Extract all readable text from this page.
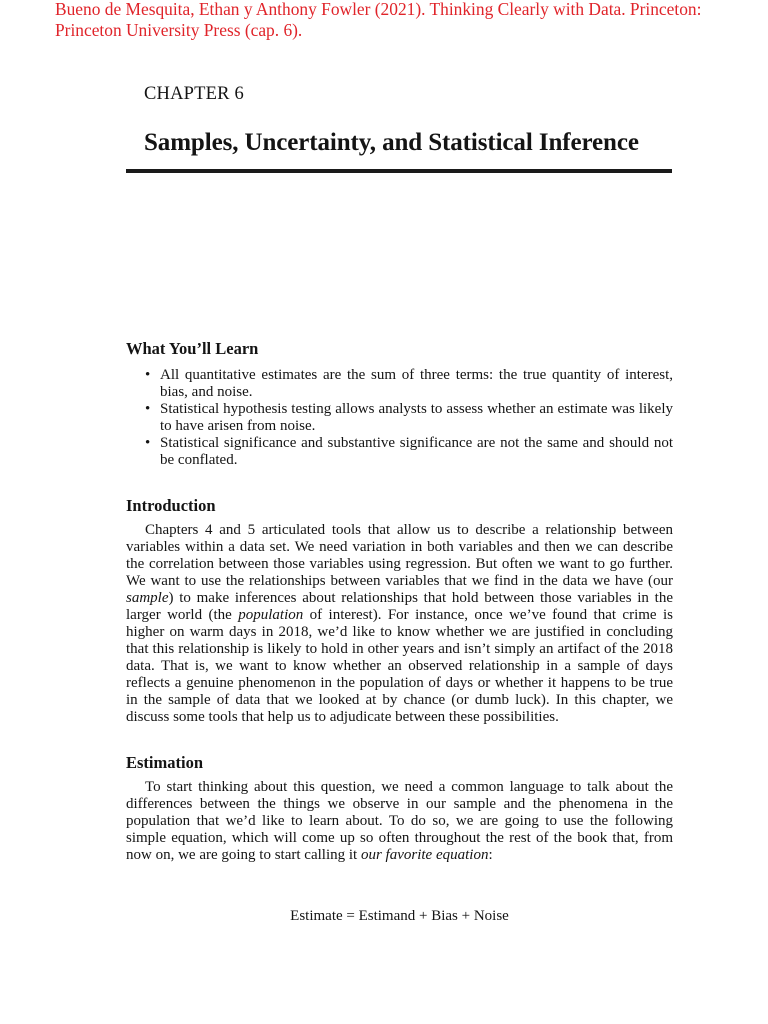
Bueno de Mesquita, Ethan y Anthony Fowler (2021). Thinking Clearly with Data. Princeton:
Princeton University Press (cap. 6).

CHAPTER 6
Samples, Uncertainty, and Statistical Inference
What You’ll Learn
• All quantitative estimates are the sum of three terms: the true quantity of interest, bias, and noise.
• Statistical hypothesis testing allows analysts to assess whether an estimate was likely to have arisen from noise.
• Statistical significance and substantive significance are not the same and should not be conflated.
Introduction

Chapters 4 and 5 articulated tools that allow us to describe a relationship between variables within a data set. We need variation in both variables and then we can describe the correlation between those variables using regression. But often we want to go further. We want to use the relationships between variables that we find in the data we have (our sample) to make inferences about relationships that hold between those variables in the larger world (the population of interest). For instance, once we’ve found that crime is higher on warm days in 2018, we’d like to know whether we are justified in concluding that this relationship is likely to hold in other years and isn’t simply an artifact of the 2018 data. That is, we want to know whether an observed relationship in a sample of days reflects a genuine phenomenon in the population of days or whether it happens to be true in the sample of data that we looked at by chance (or dumb luck). In this chapter, we discuss some tools that help us to adjudicate between these possibilities.

Estimation

To start thinking about this question, we need a common language to talk about the differences between the things we observe in our sample and the phenomena in the population that we’d like to learn about. To do so, we are going to use the following simple equation, which will come up so often throughout the rest of the book that, from now on, we are going to start calling it our favorite equation:

Estimate = Estimand + Bias + Noise
